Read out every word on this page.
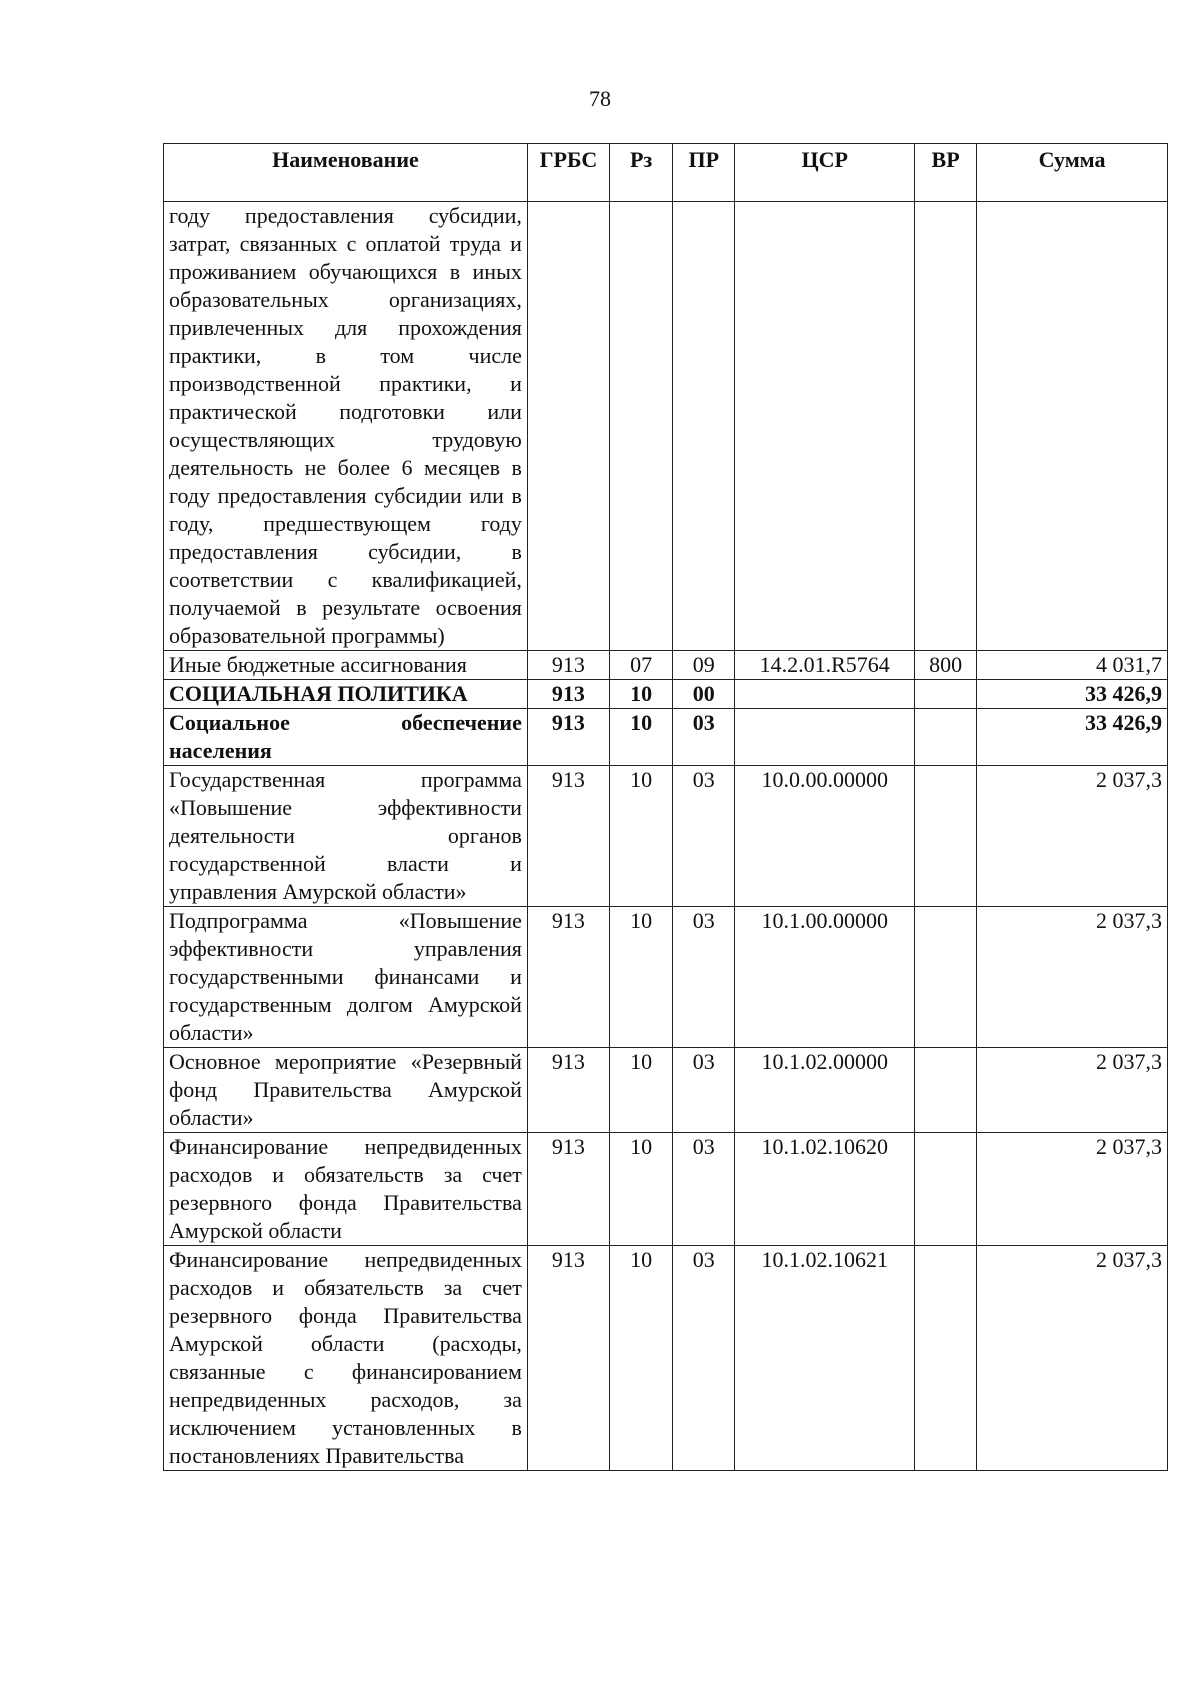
78
Наименование	ГРБС	Рз	ПР	ЦСР	ВР	Сумма
году предоставления субсидии, затрат, связанных с оплатой труда и проживанием обучающихся в иных образовательных организациях, привлеченных для прохождения практики, в том числе производственной практики, и практической подготовки или осуществляющих трудовую деятельность не более 6 месяцев в году предоставления субсидии или в году, предшествующем году предоставления субсидии, в соответствии с квалификацией, получаемой в результате освоения образовательной программы)						
Иные бюджетные ассигнования	913	07	09	14.2.01.R5764	800	4 031,7
СОЦИАЛЬНАЯ ПОЛИТИКА	913	10	00			33 426,9
Социальное обеспечение населения	913	10	03			33 426,9
Государственная программа «Повышение эффективности деятельности органов государственной власти и управления Амурской области»	913	10	03	10.0.00.00000		2 037,3
Подпрограмма «Повышение эффективности управления государственными финансами и государственным долгом Амурской области»	913	10	03	10.1.00.00000		2 037,3
Основное мероприятие «Резервный фонд Правительства Амурской области»	913	10	03	10.1.02.00000		2 037,3
Финансирование непредвиденных расходов и обязательств за счет резервного фонда Правительства Амурской области	913	10	03	10.1.02.10620		2 037,3
Финансирование непредвиденных расходов и обязательств за счет резервного фонда Правительства Амурской области (расходы, связанные с финансированием непредвиденных расходов, за исключением установленных в постановлениях Правительства	913	10	03	10.1.02.10621		2 037,3
